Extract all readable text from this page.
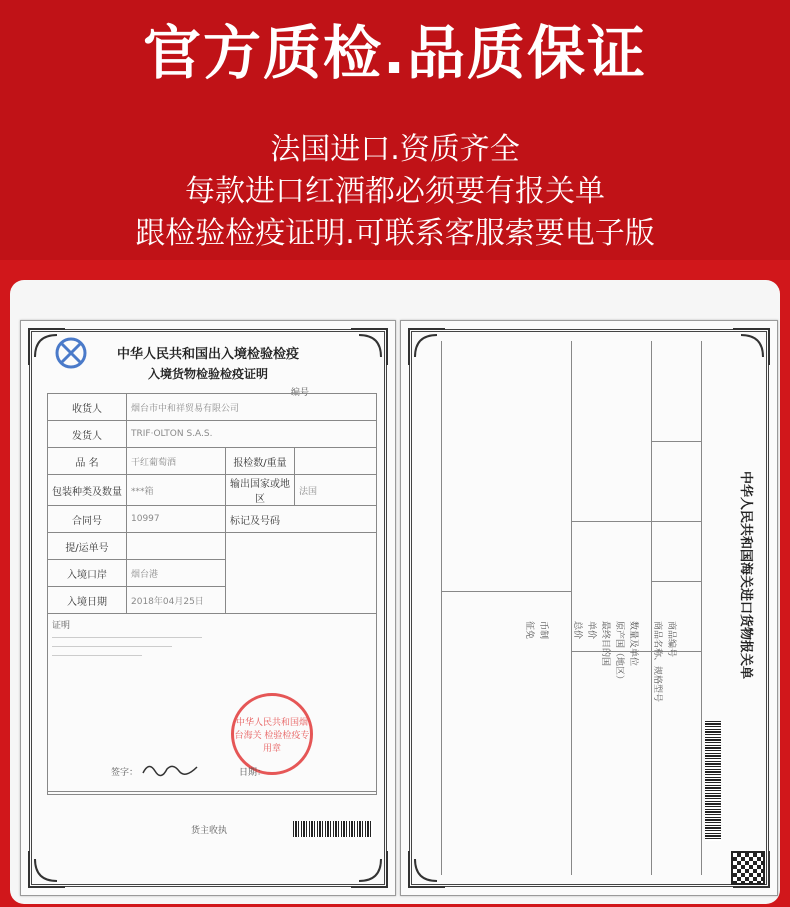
官方质检.品质保证
法国进口.资质齐全
每款进口红酒都必须要有报关单
跟检验检疫证明.可联系客服索要电子版
中华人民共和国出入境检验检疫
入境货物检验检疫证明
编号
收货人	烟台市中和祥贸易有限公司		
发货人	TRIF·OLTON S.A.S.		
品 名	干红葡萄酒	报检数/重量	
包装种类及数量	***箱	输出国家或地区	法国
合同号	10997	标记及号码	
提/运单号			
入境口岸	烟台港		
入境日期	2018年04月25日		

证明			
中华人民共和国烟台海关 检验检疫专用章
签字：	日期：
货主收执
中华人民共和国海关进口货物报关单
商品编号
商品名称、规格型号
数量及单位
原产国（地区）
最终目的国
单价
总价
币制
征免
